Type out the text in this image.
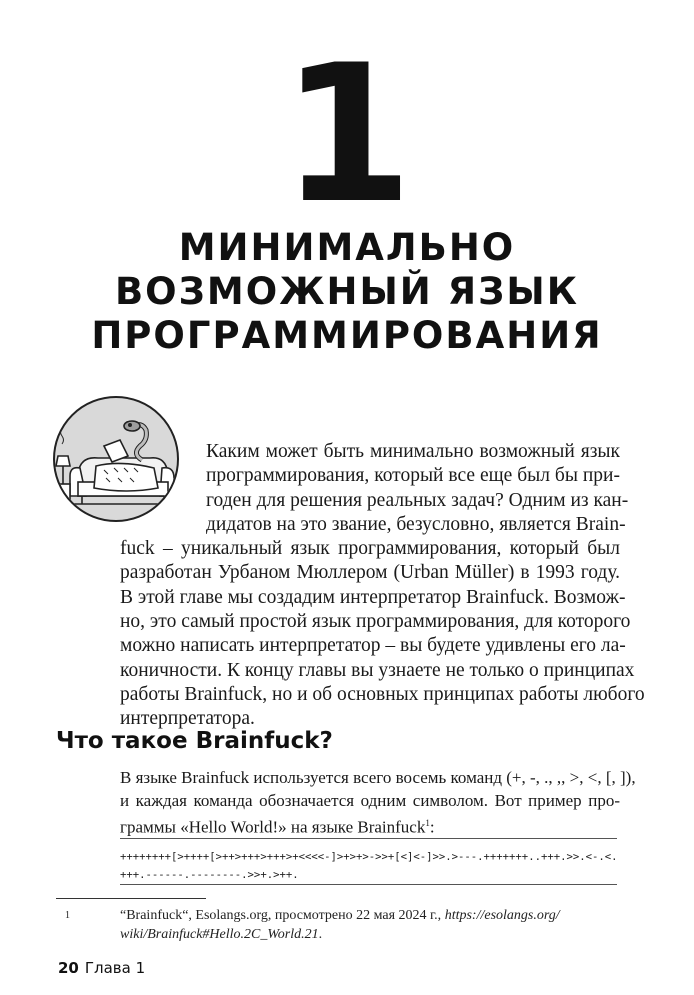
1
МИНИМАЛЬНО
ВОЗМОЖНЫЙ ЯЗЫК
ПРОГРАММИРОВАНИЯ
Каким может быть минимально возможный язык
программирования, который все еще был бы при-
годен для решения реальных задач? Одним из кан-
дидатов на это звание, безусловно, является Brain-
fuck – уникальный язык программирования, который был
разработан Урбаном Мюллером (Urban Müller) в 1993 году.
В этой главе мы создадим интерпретатор Brainfuck. Возмож-
но, это самый простой язык программирования, для которого
можно написать интерпретатор – вы будете удивлены его ла-
коничности. К концу главы вы узнаете не только о принципах
работы Brainfuck, но и об основных принципах работы любого
интерпретатора.
Что такое Brainfuck?
В языке Brainfuck используется всего восемь команд (+, -, ., ,, >, <, [, ]),
и каждая команда обозначается одним символом. Вот пример про-
граммы «Hello World!» на языке Brainfuck$^1$:
++++++++[>++++[>++>+++>+++>+<<<<-]>+>+>->>+[<]<-]>>.>---.+++++++..+++.>>.<-.<.
+++.------.--------.>>+.>++.
1	“Brainfuck“, Esolangs.org, просмотрено 22 мая 2024 г., https://esolangs.org/
wiki/Brainfuck#Hello.2C_World.21.
20 Глава 1
